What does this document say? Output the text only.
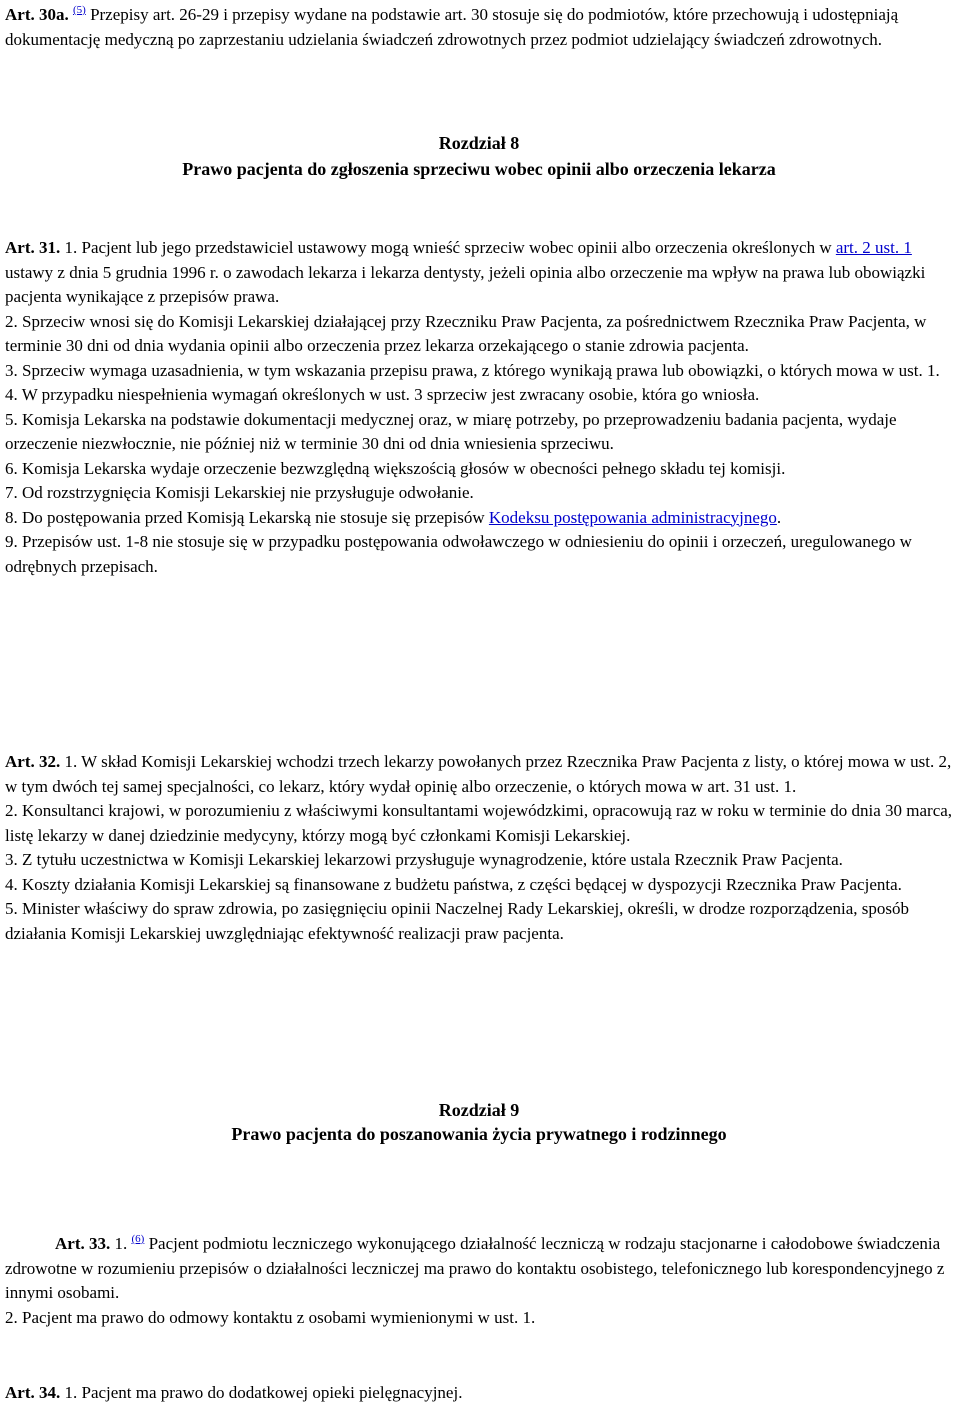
Art. 30a. $^{(5)}$ Przepisy art. 26-29 i przepisy wydane na podstawie art. 30 stosuje się do podmiotów, które przechowują i udostępniają dokumentację medyczną po zaprzestaniu udzielania świadczeń zdrowotnych przez podmiot udzielający świadczeń zdrowotnych.

Rozdział 8

Prawo pacjenta do zgłoszenia sprzeciwu wobec opinii albo orzeczenia lekarza

Art. 31. 1. Pacjent lub jego przedstawiciel ustawowy mogą wnieść sprzeciw wobec opinii albo orzeczenia określonych w art. 2 ust. 1 ustawy z dnia 5 grudnia 1996 r. o zawodach lekarza i lekarza dentysty, jeżeli opinia albo orzeczenie ma wpływ na prawa lub obowiązki pacjenta wynikające z przepisów prawa.

2. Sprzeciw wnosi się do Komisji Lekarskiej działającej przy Rzeczniku Praw Pacjenta, za pośrednictwem Rzecznika Praw Pacjenta, w terminie 30 dni od dnia wydania opinii albo orzeczenia przez lekarza orzekającego o stanie zdrowia pacjenta.

3. Sprzeciw wymaga uzasadnienia, w tym wskazania przepisu prawa, z którego wynikają prawa lub obowiązki, o których mowa w ust. 1.

4. W przypadku niespełnienia wymagań określonych w ust. 3 sprzeciw jest zwracany osobie, która go wniosła.

5. Komisja Lekarska na podstawie dokumentacji medycznej oraz, w miarę potrzeby, po przeprowadzeniu badania pacjenta, wydaje orzeczenie niezwłocznie, nie później niż w terminie 30 dni od dnia wniesienia sprzeciwu.

6. Komisja Lekarska wydaje orzeczenie bezwzględną większością głosów w obecności pełnego składu tej komisji.

7. Od rozstrzygnięcia Komisji Lekarskiej nie przysługuje odwołanie.

8. Do postępowania przed Komisją Lekarską nie stosuje się przepisów Kodeksu postępowania administracyjnego.

9. Przepisów ust. 1-8 nie stosuje się w przypadku postępowania odwoławczego w odniesieniu do opinii i orzeczeń, uregulowanego w odrębnych przepisach.

Art. 32. 1. W skład Komisji Lekarskiej wchodzi trzech lekarzy powołanych przez Rzecznika Praw Pacjenta z listy, o której mowa w ust. 2, w tym dwóch tej samej specjalności, co lekarz, który wydał opinię albo orzeczenie, o których mowa w art. 31 ust. 1.

2. Konsultanci krajowi, w porozumieniu z właściwymi konsultantami wojewódzkimi, opracowują raz w roku w terminie do dnia 30 marca, listę lekarzy w danej dziedzinie medycyny, którzy mogą być członkami Komisji Lekarskiej.

3. Z tytułu uczestnictwa w Komisji Lekarskiej lekarzowi przysługuje wynagrodzenie, które ustala Rzecznik Praw Pacjenta.

4. Koszty działania Komisji Lekarskiej są finansowane z budżetu państwa, z części będącej w dyspozycji Rzecznika Praw Pacjenta.

5. Minister właściwy do spraw zdrowia, po zasięgnięciu opinii Naczelnej Rady Lekarskiej, określi, w drodze rozporządzenia, sposób działania Komisji Lekarskiej uwzględniając efektywność realizacji praw pacjenta.

Rozdział 9

Prawo pacjenta do poszanowania życia prywatnego i rodzinnego

Art. 33. 1. $^{(6)}$ Pacjent podmiotu leczniczego wykonującego działalność leczniczą w rodzaju stacjonarne i całodobowe świadczenia zdrowotne w rozumieniu przepisów o działalności leczniczej ma prawo do kontaktu osobistego, telefonicznego lub korespondencyjnego z innymi osobami.

2. Pacjent ma prawo do odmowy kontaktu z osobami wymienionymi w ust. 1.

Art. 34. 1. Pacjent ma prawo do dodatkowej opieki pielęgnacyjnej.
